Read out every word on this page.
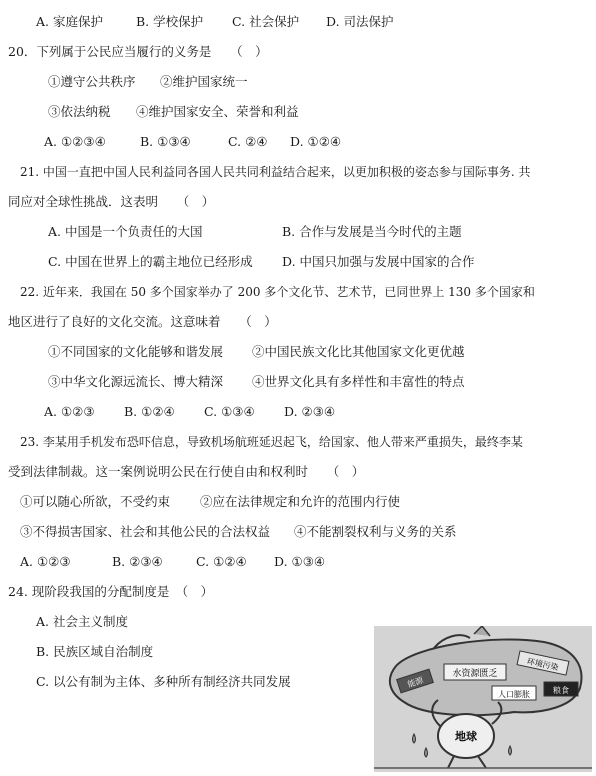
A. 家庭保护	B. 学校保护 C. 社会保护 D. 司法保护
20．下列属于公民应当履行的义务是　　（　）
①遵守公共秩序 ②维护国家统一
③依法纳税 ④维护国家安全、荣誉和利益
A. ①②③④	B. ①③④	C. ②④ D. ①②④
21. 中国一直把中国人民利益同各国人民共同利益结合起来，以更加积极的姿态参与国际事务. 共
同应对全球性挑战．这表明　　（　）
A. 中国是一个负责任的大国	B. 合作与发展是当今时代的主题
C. 中国在世界上的霸主地位已经形成 D. 中国只加强与发展中国家的合作
22. 近年来．我国在 50 多个国家举办了 200 多个文化节、艺术节，已同世界上 130 多个国家和
地区进行了良好的文化交流。这意味着　　（　）
①不同国家的文化能够和谐发展 ②中国民族文化比其他国家文化更优越
③中华文化源远流长、博大精深 ④世界文化具有多样性和丰富性的特点
A. ①②③ B. ①②④ C. ①③④ D. ②③④
23. 李某用手机发布恐吓信息，导致机场航班延迟起飞，给国家、他人带来严重损失，最终李某
受到法律制裁。这一案例说明公民在行使自由和权利时　　（　）
①可以随心所欲，不受约束 ②应在法律规定和允许的范围内行使
③不得损害国家、社会和其他公民的合法权益 ④不能割裂权利与义务的关系
A. ①②③	B. ②③④	C. ①②④ D. ①③④
24. 现阶段我国的分配制度是　（　）
A. 社会主义制度
B. 民族区域自治制度
C. 以公有制为主体、多种所有制经济共同发展	水资源匮乏
环境污染
人口膨胀	粮食
能源
地球
